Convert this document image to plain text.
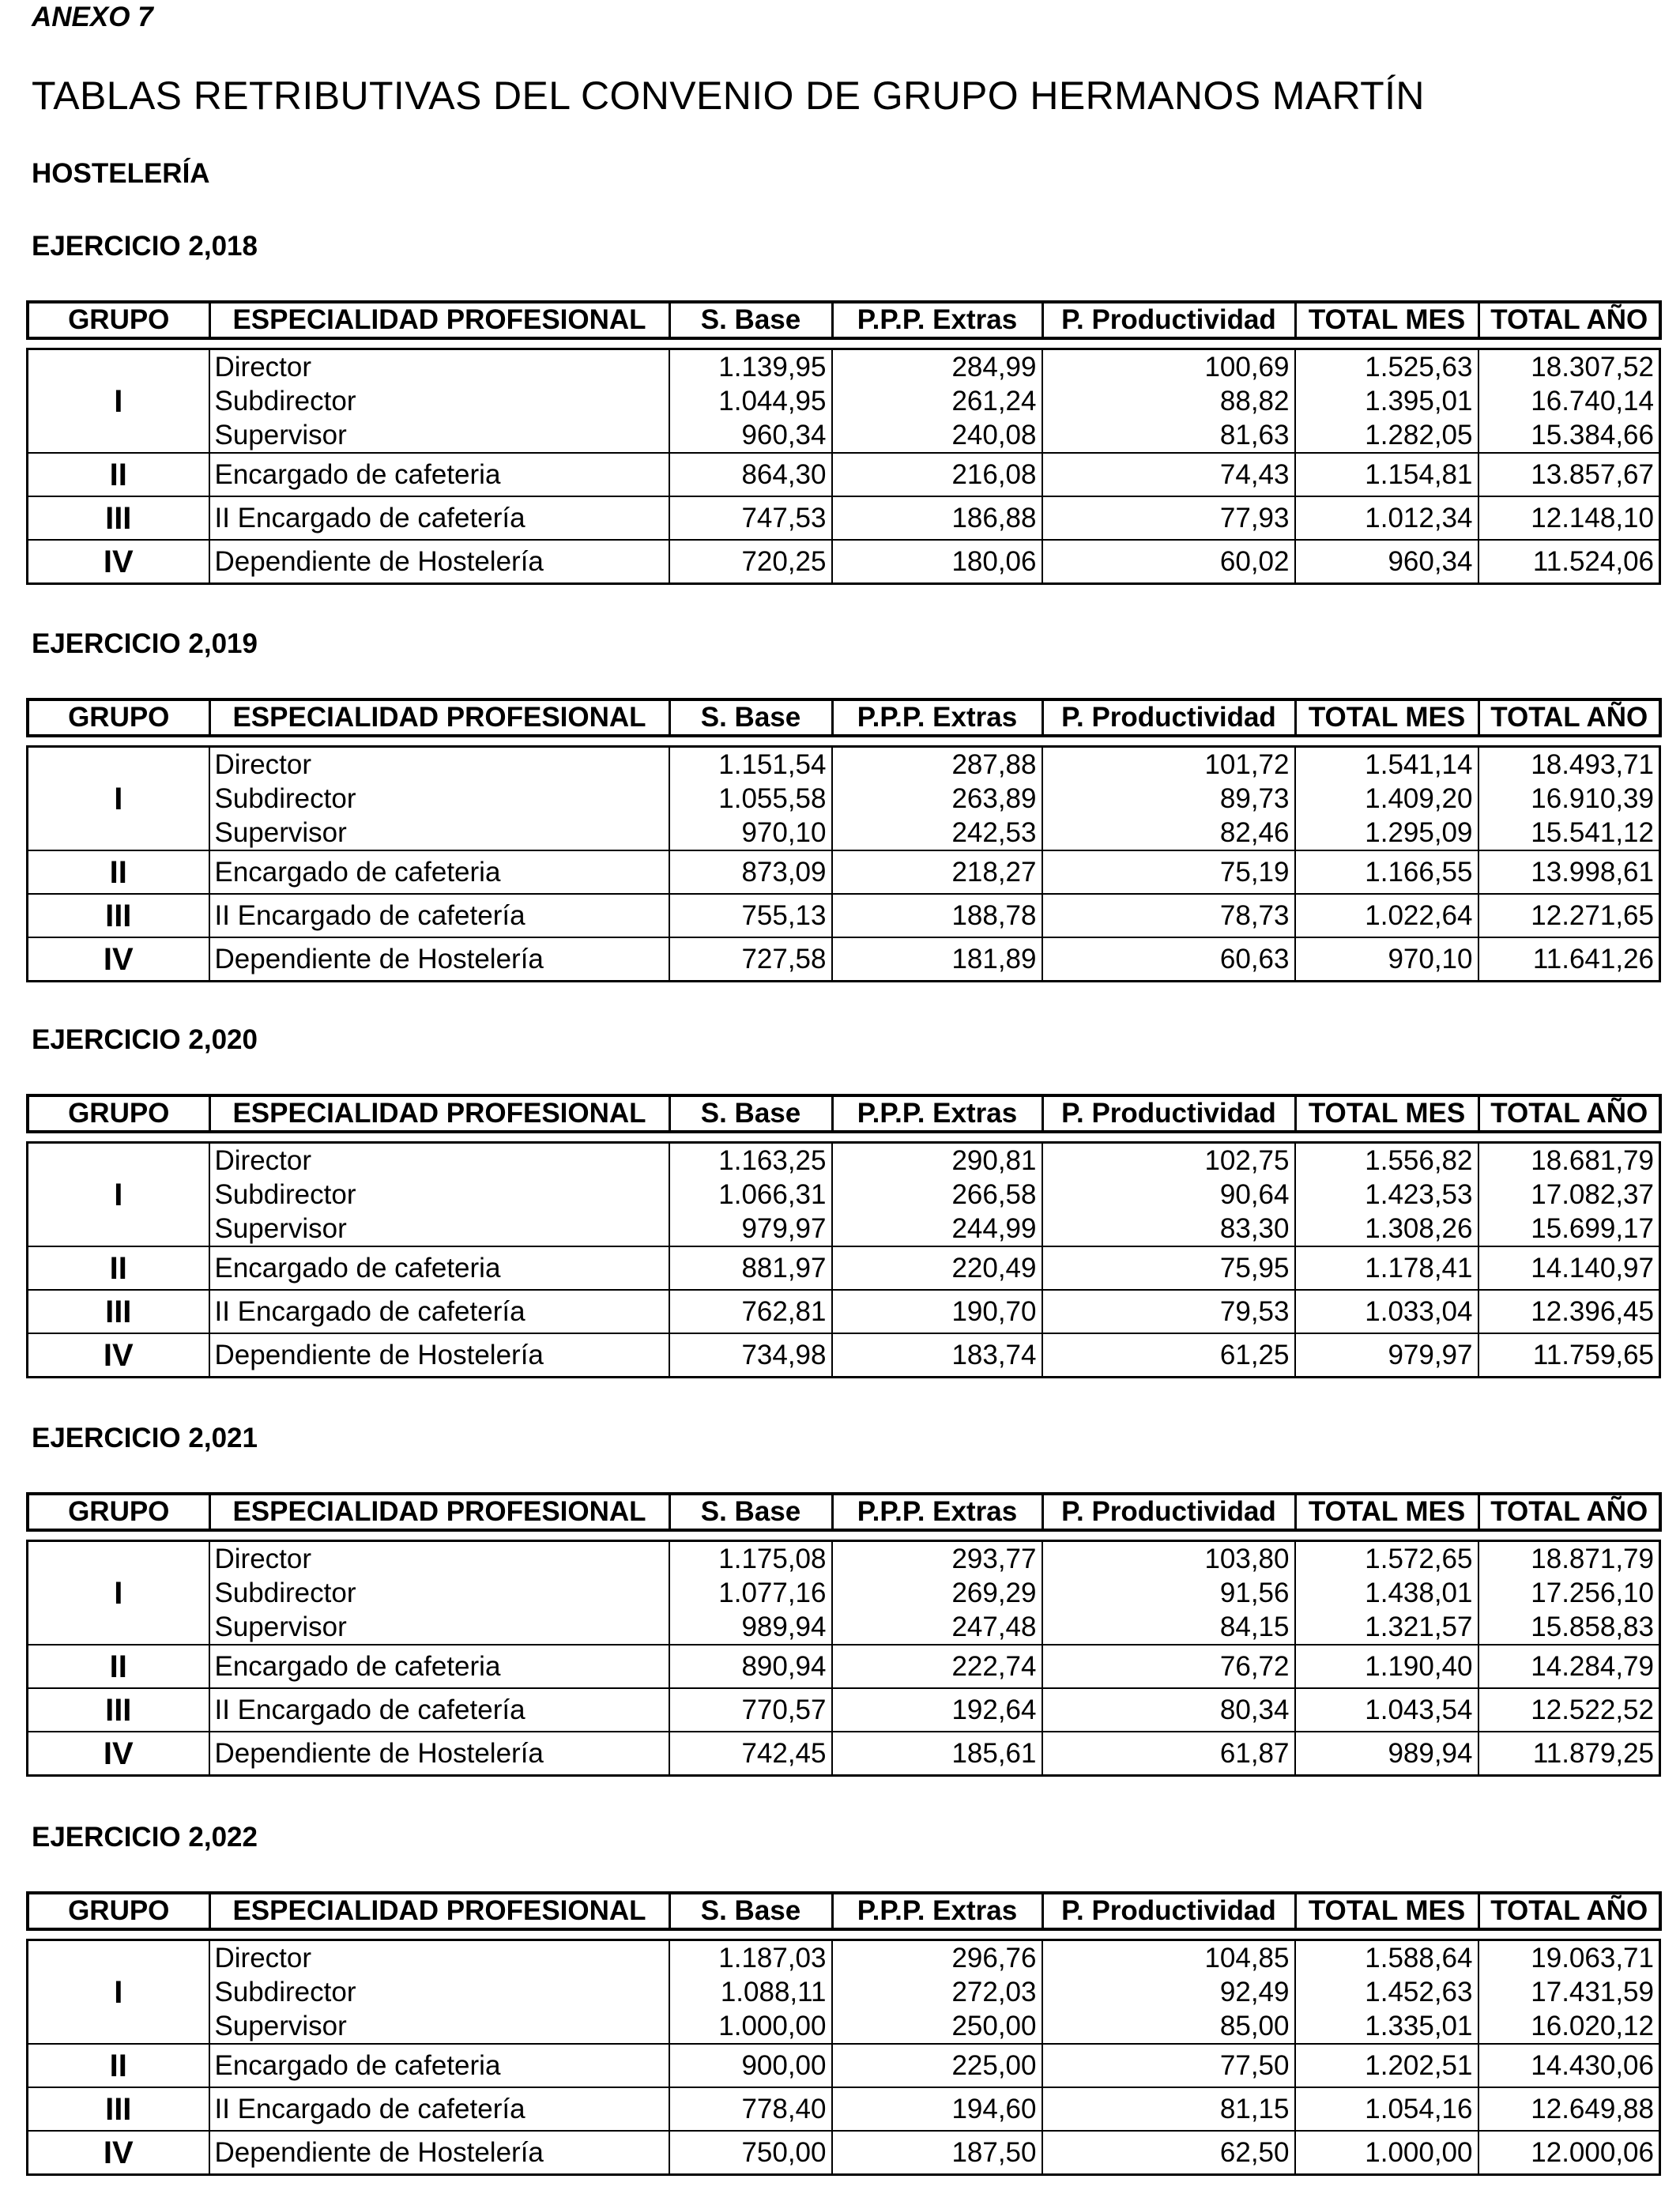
ANEXO 7
TABLAS RETRIBUTIVAS DEL CONVENIO DE GRUPO HERMANOS MARTÍN
HOSTELERÍA
EJERCICIO 2,018
GRUPO	ESPECIALIDAD PROFESIONAL	S. Base	P.P.P. Extras	P. Productividad	TOTAL MES	TOTAL AÑO
I	Director	1.139,95	284,99	100,69	1.525,63	18.307,52
	Subdirector	1.044,95	261,24	88,82	1.395,01	16.740,14
	Supervisor	960,34	240,08	81,63	1.282,05	15.384,66
II	Encargado de cafeteria	864,30	216,08	74,43	1.154,81	13.857,67
III	II Encargado de cafetería	747,53	186,88	77,93	1.012,34	12.148,10
IV	Dependiente de Hostelería	720,25	180,06	60,02	960,34	11.524,06
EJERCICIO 2,019
GRUPO	ESPECIALIDAD PROFESIONAL	S. Base	P.P.P. Extras	P. Productividad	TOTAL MES	TOTAL AÑO
I	Director	1.151,54	287,88	101,72	1.541,14	18.493,71
	Subdirector	1.055,58	263,89	89,73	1.409,20	16.910,39
	Supervisor	970,10	242,53	82,46	1.295,09	15.541,12
II	Encargado de cafeteria	873,09	218,27	75,19	1.166,55	13.998,61
III	II Encargado de cafetería	755,13	188,78	78,73	1.022,64	12.271,65
IV	Dependiente de Hostelería	727,58	181,89	60,63	970,10	11.641,26
EJERCICIO 2,020
GRUPO	ESPECIALIDAD PROFESIONAL	S. Base	P.P.P. Extras	P. Productividad	TOTAL MES	TOTAL AÑO
I	Director	1.163,25	290,81	102,75	1.556,82	18.681,79
	Subdirector	1.066,31	266,58	90,64	1.423,53	17.082,37
	Supervisor	979,97	244,99	83,30	1.308,26	15.699,17
II	Encargado de cafeteria	881,97	220,49	75,95	1.178,41	14.140,97
III	II Encargado de cafetería	762,81	190,70	79,53	1.033,04	12.396,45
IV	Dependiente de Hostelería	734,98	183,74	61,25	979,97	11.759,65
EJERCICIO 2,021
GRUPO	ESPECIALIDAD PROFESIONAL	S. Base	P.P.P. Extras	P. Productividad	TOTAL MES	TOTAL AÑO
I	Director	1.175,08	293,77	103,80	1.572,65	18.871,79
	Subdirector	1.077,16	269,29	91,56	1.438,01	17.256,10
	Supervisor	989,94	247,48	84,15	1.321,57	15.858,83
II	Encargado de cafeteria	890,94	222,74	76,72	1.190,40	14.284,79
III	II Encargado de cafetería	770,57	192,64	80,34	1.043,54	12.522,52
IV	Dependiente de Hostelería	742,45	185,61	61,87	989,94	11.879,25
EJERCICIO 2,022
GRUPO	ESPECIALIDAD PROFESIONAL	S. Base	P.P.P. Extras	P. Productividad	TOTAL MES	TOTAL AÑO
I	Director	1.187,03	296,76	104,85	1.588,64	19.063,71
	Subdirector	1.088,11	272,03	92,49	1.452,63	17.431,59
	Supervisor	1.000,00	250,00	85,00	1.335,01	16.020,12
II	Encargado de cafeteria	900,00	225,00	77,50	1.202,51	14.430,06
III	II Encargado de cafetería	778,40	194,60	81,15	1.054,16	12.649,88
IV	Dependiente de Hostelería	750,00	187,50	62,50	1.000,00	12.000,06
